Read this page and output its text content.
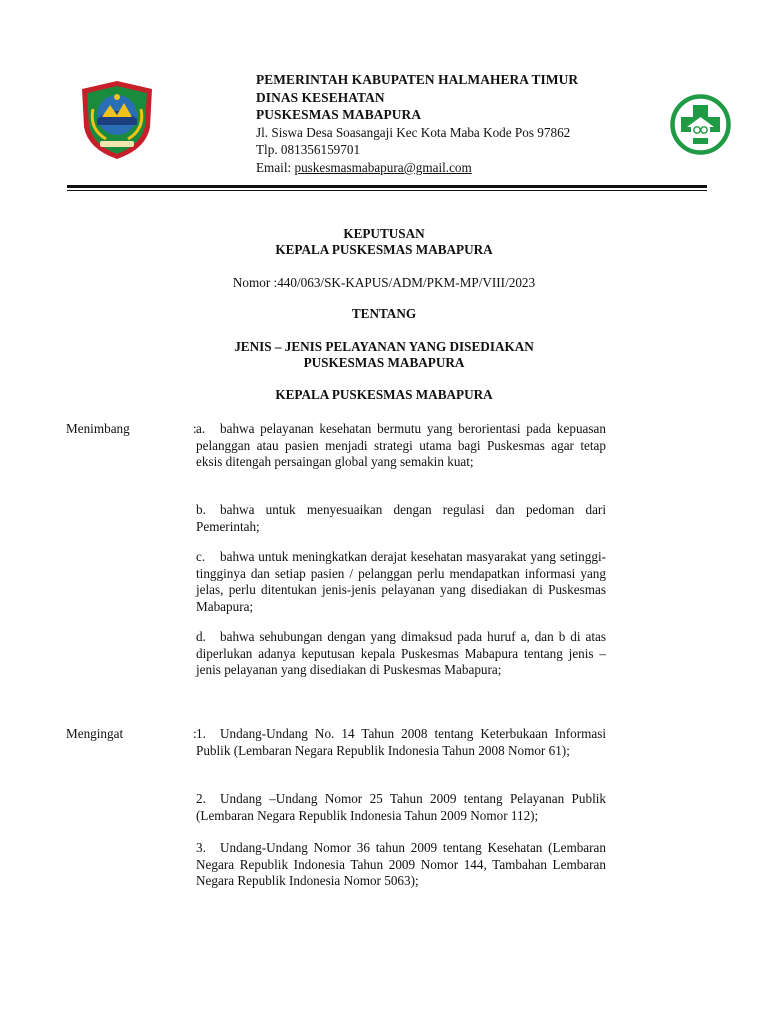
PEMERINTAH KABUPATEN HALMAHERA TIMUR
DINAS KESEHATAN
PUSKESMAS MABAPURA
Jl. Siswa Desa Soasangaji Kec Kota Maba Kode Pos 97862
Tlp. 081356159701
Email: puskesmasmabapura@gmail.com
KEPUTUSAN
KEPALA PUSKESMAS MABAPURA
Nomor :440/063/SK-KAPUS/ADM/PKM-MP/VIII/2023
TENTANG
JENIS – JENIS PELAYANAN YANG DISEDIAKAN
PUSKESMAS MABAPURA
KEPALA PUSKESMAS MABAPURA
Menimbang	: a. bahwa pelayanan kesehatan bermutu yang berorientasi pada kepuasan pelanggan atau pasien menjadi strategi utama bagi Puskesmas agar tetap eksis ditengah persaingan global yang semakin kuat;
b. bahwa untuk menyesuaikan dengan regulasi dan pedoman dari Pemerintah;
c. bahwa untuk meningkatkan derajat kesehatan masyarakat yang setinggi-tingginya dan setiap pasien / pelanggan perlu mendapatkan informasi yang jelas, perlu ditentukan jenis-jenis pelayanan yang disediakan di Puskesmas Mabapura;
d. bahwa sehubungan dengan yang dimaksud pada huruf a, dan b di atas diperlukan adanya keputusan kepala Puskesmas Mabapura tentang jenis – jenis pelayanan yang disediakan di Puskesmas Mabapura;
Mengingat	: 1. Undang-Undang No. 14 Tahun 2008 tentang Keterbukaan Informasi Publik (Lembaran Negara Republik Indonesia Tahun 2008 Nomor 61);
2. Undang –Undang Nomor 25 Tahun 2009 tentang Pelayanan Publik (Lembaran Negara Republik Indonesia Tahun 2009 Nomor 112);
3. Undang-Undang Nomor 36 tahun 2009 tentang Kesehatan (Lembaran Negara Republik Indonesia Tahun 2009 Nomor 144, Tambahan Lembaran Negara Republik Indonesia Nomor 5063);
